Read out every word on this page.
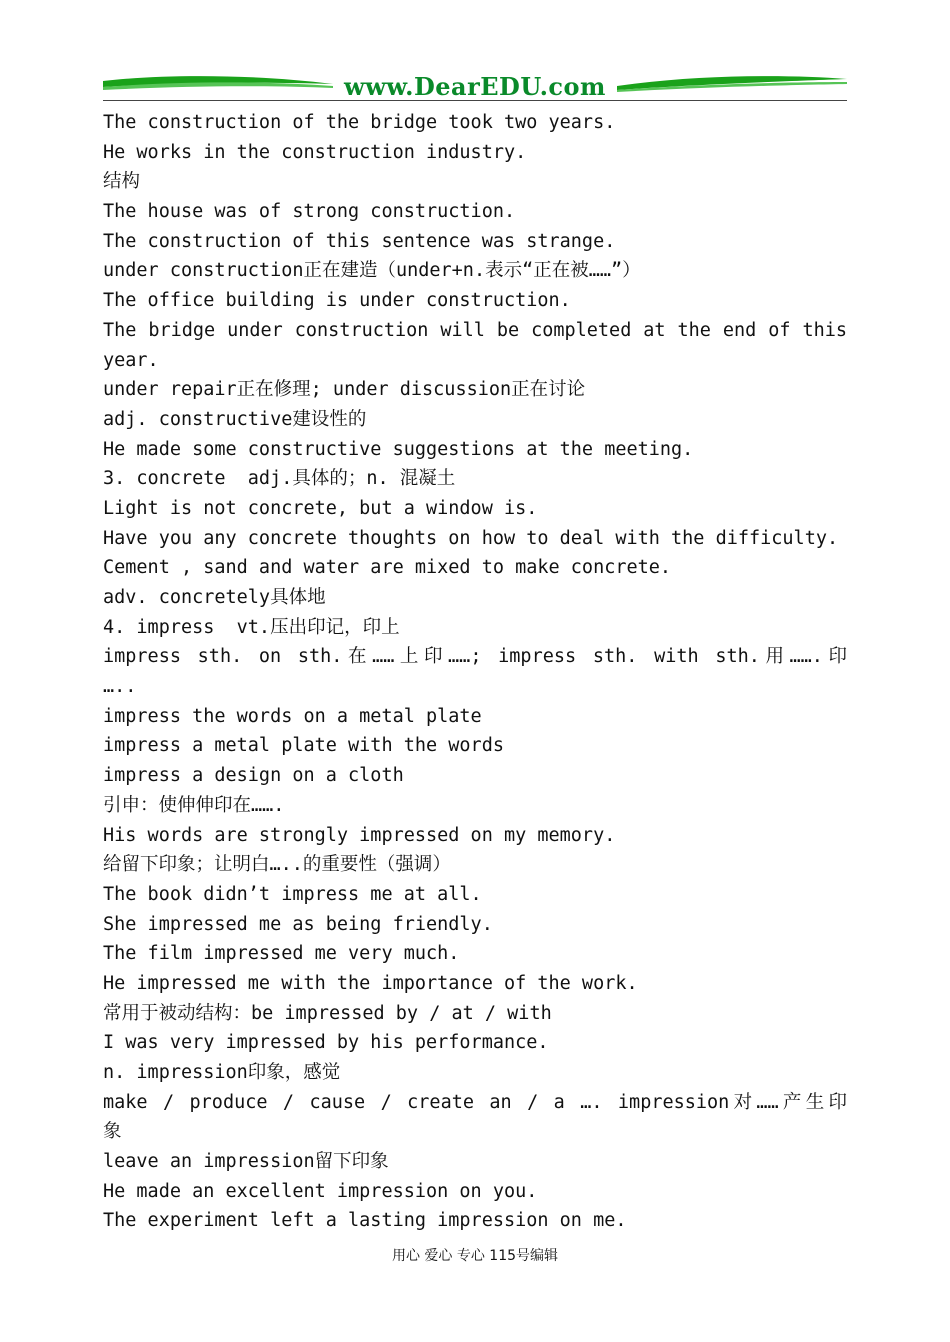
www.DearEDU.com
The construction of the bridge took two years.
He works in the construction industry.
结构
The house was of strong construction.
The construction of this sentence was strange.
under construction正在建造（under+n.表示“正在被……”）
The office building is under construction.
The bridge under construction will be completed at the end of this
year.
under repair正在修理; under discussion正在讨论
adj. constructive建设性的
He made some constructive suggestions at the meeting.
3. concrete  adj.具体的；n. 混凝土
Light is not concrete, but a window is.
Have you any concrete thoughts on how to deal with the difficulty.
Cement , sand and water are mixed to make concrete.
adv. concretely具体地
4. impress  vt.压出印记，印上
impress sth. on sth.在……上印……; impress sth. with sth.用…….印
…..
impress the words on a metal plate
impress a metal plate with the words
impress a design on a cloth
引申：使伸伸印在…….
His words are strongly impressed on my memory.
给留下印象；让明白…..的重要性（强调）
The book didn’t impress me at all.
She impressed me as being friendly.
The film impressed me very much.
He impressed me with the importance of the work.
常用于被动结构：be impressed by / at / with
I was very impressed by his performance.
n. impression印象，感觉
make / produce / cause / create an / a …. impression对……产生印
象
leave an impression留下印象
He made an excellent impression on you.
The experiment left a lasting impression on me.
用心 爱心 专心 115号编辑
